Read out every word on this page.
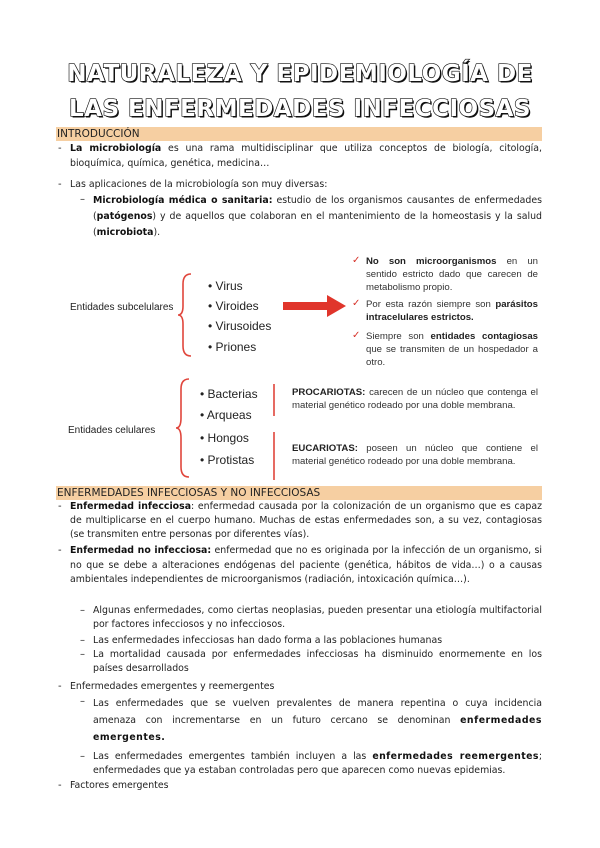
NATURALEZA Y EPIDEMIOLOGÍA DE
LAS ENFERMEDADES INFECCIOSAS
INTRODUCCIÓN
- La microbiología es una rama multidisciplinar que utiliza conceptos de biología, citología, bioquímica, química, genética, medicina…
- Las aplicaciones de la microbiología son muy diversas:
– Microbiología médica o sanitaria: estudio de los organismos causantes de enfermedades (patógenos) y de aquellos que colaboran en el mantenimiento de la homeostasis y la salud (microbiota).
Entidades subcelulares
• Virus
• Viroides
• Virusoides
• Priones
✓ No son microorganismos en un sentido estricto dado que carecen de metabolismo propio.
✓ Por esta razón siempre son parásitos intracelulares estrictos.
✓ Siempre son entidades contagiosas que se transmiten de un hospedador a otro.
Entidades celulares
• Bacterias
• Arqueas
• Hongos
• Protistas
PROCARIOTAS: carecen de un núcleo que contenga el material genético rodeado por una doble membrana.
EUCARIOTAS: poseen un núcleo que contiene el material genético rodeado por una doble membrana.
ENFERMEDADES INFECCIOSAS Y NO INFECCIOSAS
- Enfermedad infecciosa: enfermedad causada por la colonización de un organismo que es capaz de multiplicarse en el cuerpo humano. Muchas de estas enfermedades son, a su vez, contagiosas (se transmiten entre personas por diferentes vías).
- Enfermedad no infecciosa: enfermedad que no es originada por la infección de un organismo, si no que se debe a alteraciones endógenas del paciente (genética, hábitos de vida…) o a causas ambientales independientes de microorganismos (radiación, intoxicación química…).
– Algunas enfermedades, como ciertas neoplasias, pueden presentar una etiología multifactorial por factores infecciosos y no infecciosos.
– Las enfermedades infecciosas han dado forma a las poblaciones humanas
– La mortalidad causada por enfermedades infecciosas ha disminuido enormemente en los países desarrollados
- Enfermedades emergentes y reemergentes
– Las enfermedades que se vuelven prevalentes de manera repentina o cuya incidencia amenaza con incrementarse en un futuro cercano se denominan enfermedades emergentes.
– Las enfermedades emergentes también incluyen a las enfermedades reemergentes; enfermedades que ya estaban controladas pero que aparecen como nuevas epidemias.
- Factores emergentes
